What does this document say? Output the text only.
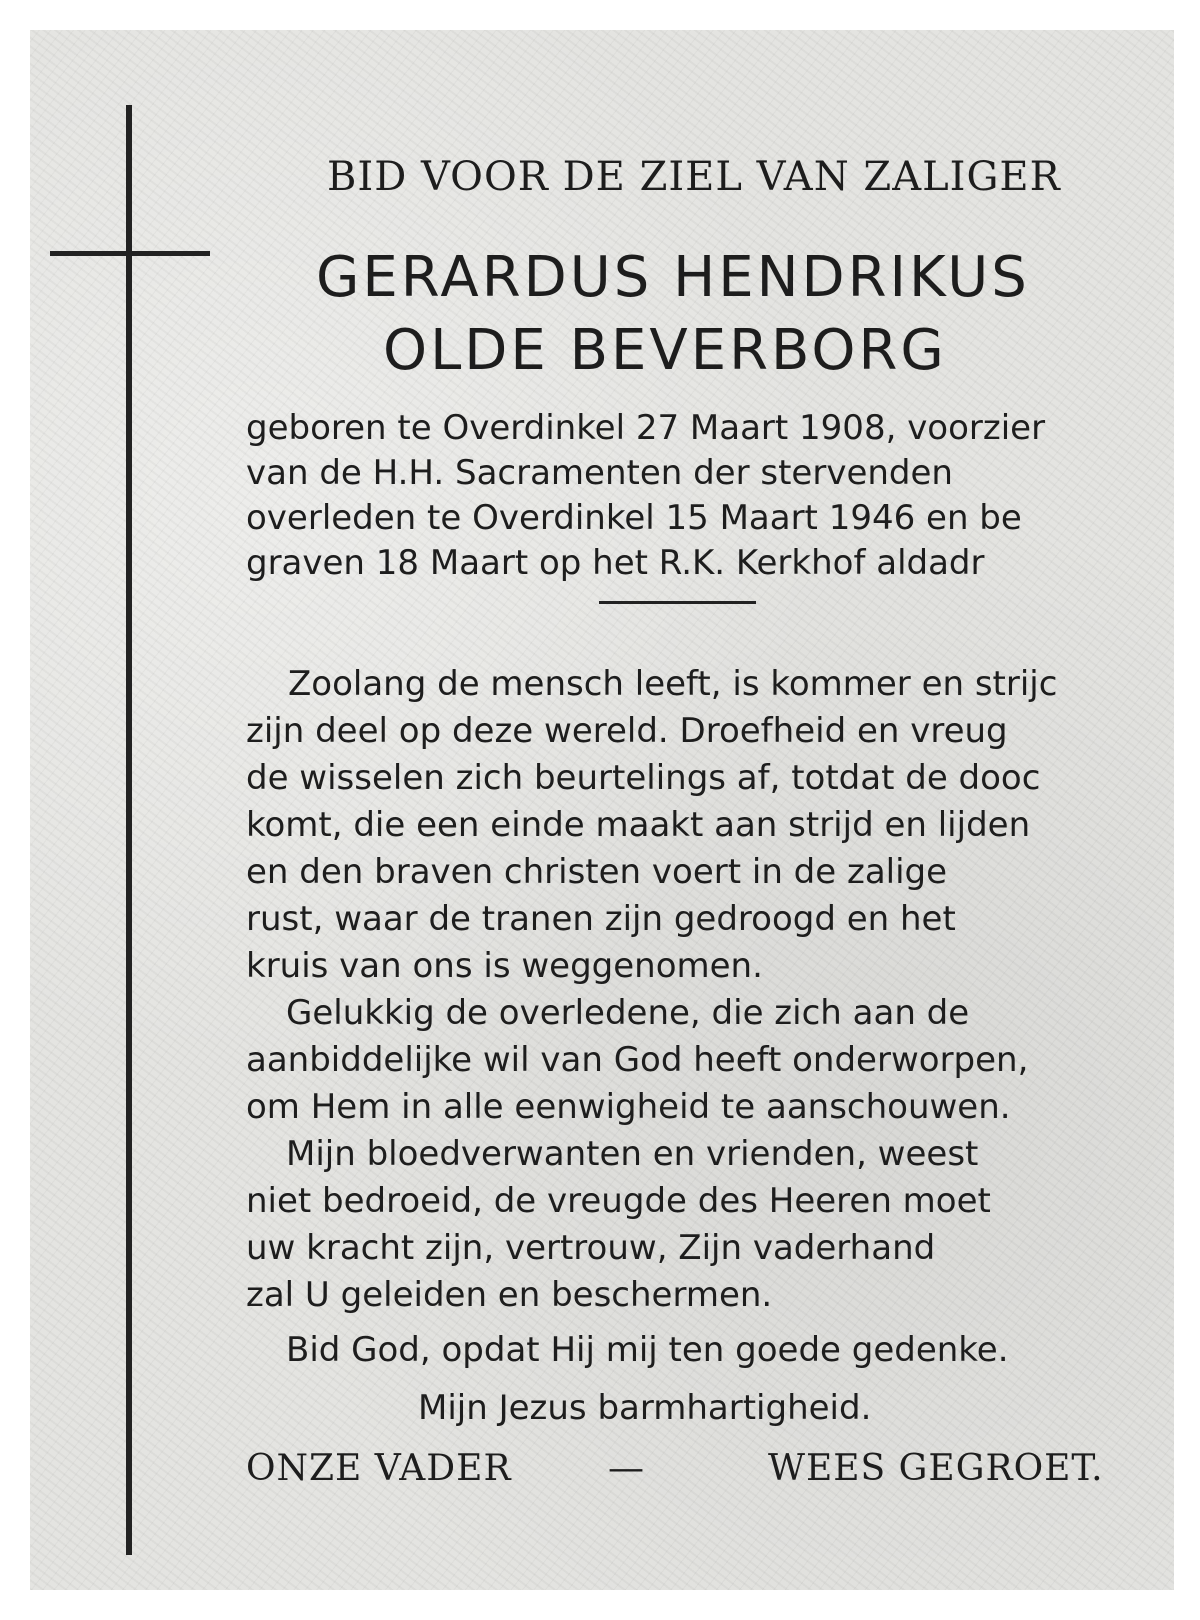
BID VOOR DE ZIEL VAN ZALIGER

GERARDUS HENDRIKUS

OLDE BEVERBORG

geboren te Overdinkel 27 Maart 1908, voorzier

van de H.H. Sacramenten der stervenden

overleden te Overdinkel 15 Maart 1946 en be

graven 18 Maart op het R.K. Kerkhof aldadr

Zoolang de mensch leeft, is kommer en strijc

zijn deel op deze wereld. Droefheid en vreug

de wisselen zich beurtelings af, totdat de dooc

komt, die een einde maakt aan strijd en lijden

en den braven christen voert in de zalige

rust, waar de tranen zijn gedroogd en het

kruis van ons is weggenomen.

Gelukkig de overledene, die zich aan de

aanbiddelijke wil van God heeft onderworpen,

om Hem in alle eenwigheid te aanschouwen.

Mijn bloedverwanten en vrienden, weest

niet bedroeid, de vreugde des Heeren moet

uw kracht zijn, vertrouw, Zijn vaderhand

zal U geleiden en beschermen.

Bid God, opdat Hij mij ten goede gedenke.

Mijn Jezus barmhartigheid.

ONZE VADER	—	WEES GEGROET.
